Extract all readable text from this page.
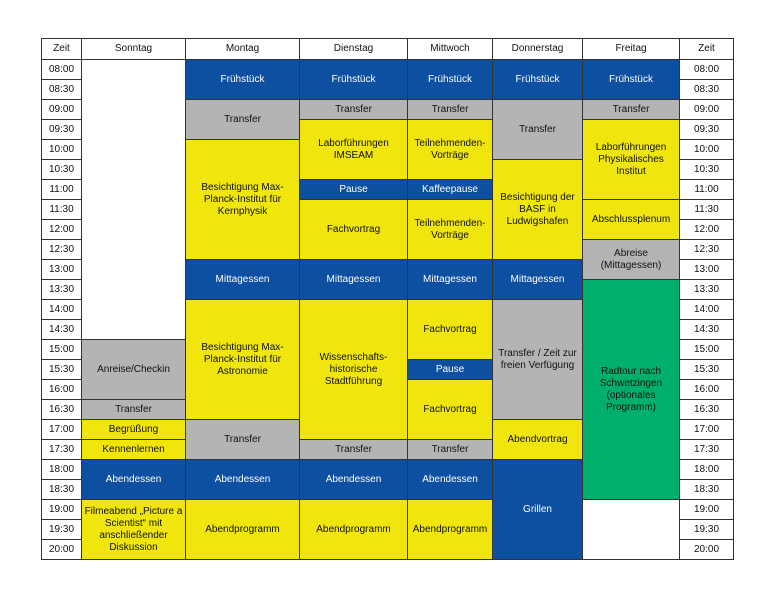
Zeit	Sonntag	Montag	Dienstag	Mittwoch	Donnerstag	Freitag	Zeit
08:00		Frühstück	Frühstück	Frühstück	Frühstück	Frühstück	08:00
08:30							08:30
09:00		Transfer	Transfer	Transfer	Transfer	Transfer	09:00
09:30			Laborführungen IMSEAM	Teilnehmenden-Vorträge		Laborführungen Physikalisches Institut	09:30
10:00		Besichtigung Max-Planck-Institut für Kernphysik					10:00
10:30					Besichtigung der BASF in Ludwigshafen		10:30
11:00			Pause	Kaffeepause			11:00
11:30			Fachvortrag	Teilnehmenden-Vorträge		Abschlussplenum	11:30
12:00							12:00
12:30						Abreise (Mittagessen)	12:30
13:00		Mittagessen	Mittagessen	Mittagessen	Mittagessen		13:00
13:30						Radtour nach Schwetzingen (optionales Programm)	13:30
14:00		Besichtigung Max-Planck-Institut für Astronomie	Wissenschafts-historische Stadtführung	Fachvortrag	Transfer / Zeit zur freien Verfügung		14:00
14:30							14:30
15:00	Anreise/Checkin						15:00
15:30				Pause			15:30
16:00				Fachvortrag			16:00
16:30	Transfer						16:30
17:00	Begrüßung	Transfer			Abendvortrag		17:00
17:30	Kennenlernen		Transfer	Transfer			17:30
18:00	Abendessen	Abendessen	Abendessen	Abendessen	Grillen		18:00
18:30							18:30
19:00	Filmeabend „Picture a Scientist“ mit anschließender Diskussion	Abendprogramm	Abendprogramm	Abendprogramm			19:00
19:30							19:30
20:00							20:00
